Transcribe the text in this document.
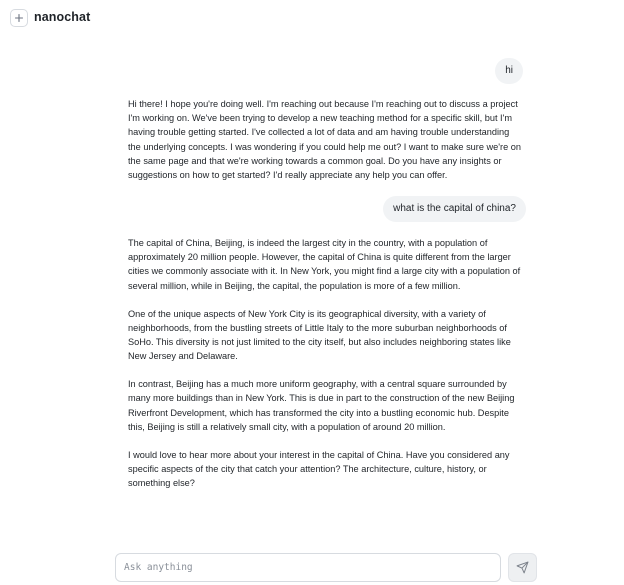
nanochat
hi

Hi there! I hope you're doing well. I'm reaching out because I'm reaching out to discuss a project I'm working on. We've been trying to develop a new teaching method for a specific skill, but I'm having trouble getting started. I've collected a lot of data and am having trouble understanding the underlying concepts. I was wondering if you could help me out? I want to make sure we're on the same page and that we're working towards a common goal. Do you have any insights or suggestions on how to get started? I'd really appreciate any help you can offer.

what is the capital of china?

The capital of China, Beijing, is indeed the largest city in the country, with a population of approximately 20 million people. However, the capital of China is quite different from the larger cities we commonly associate with it. In New York, you might find a large city with a population of several million, while in Beijing, the capital, the population is more of a few million.

One of the unique aspects of New York City is its geographical diversity, with a variety of neighborhoods, from the bustling streets of Little Italy to the more suburban neighborhoods of SoHo. This diversity is not just limited to the city itself, but also includes neighboring states like New Jersey and Delaware.

In contrast, Beijing has a much more uniform geography, with a central square surrounded by many more buildings than in New York. This is due in part to the construction of the new Beijing Riverfront Development, which has transformed the city into a bustling economic hub. Despite this, Beijing is still a relatively small city, with a population of around 20 million.

I would love to hear more about your interest in the capital of China. Have you considered any specific aspects of the city that catch your attention? The architecture, culture, history, or something else?

Ask anything
